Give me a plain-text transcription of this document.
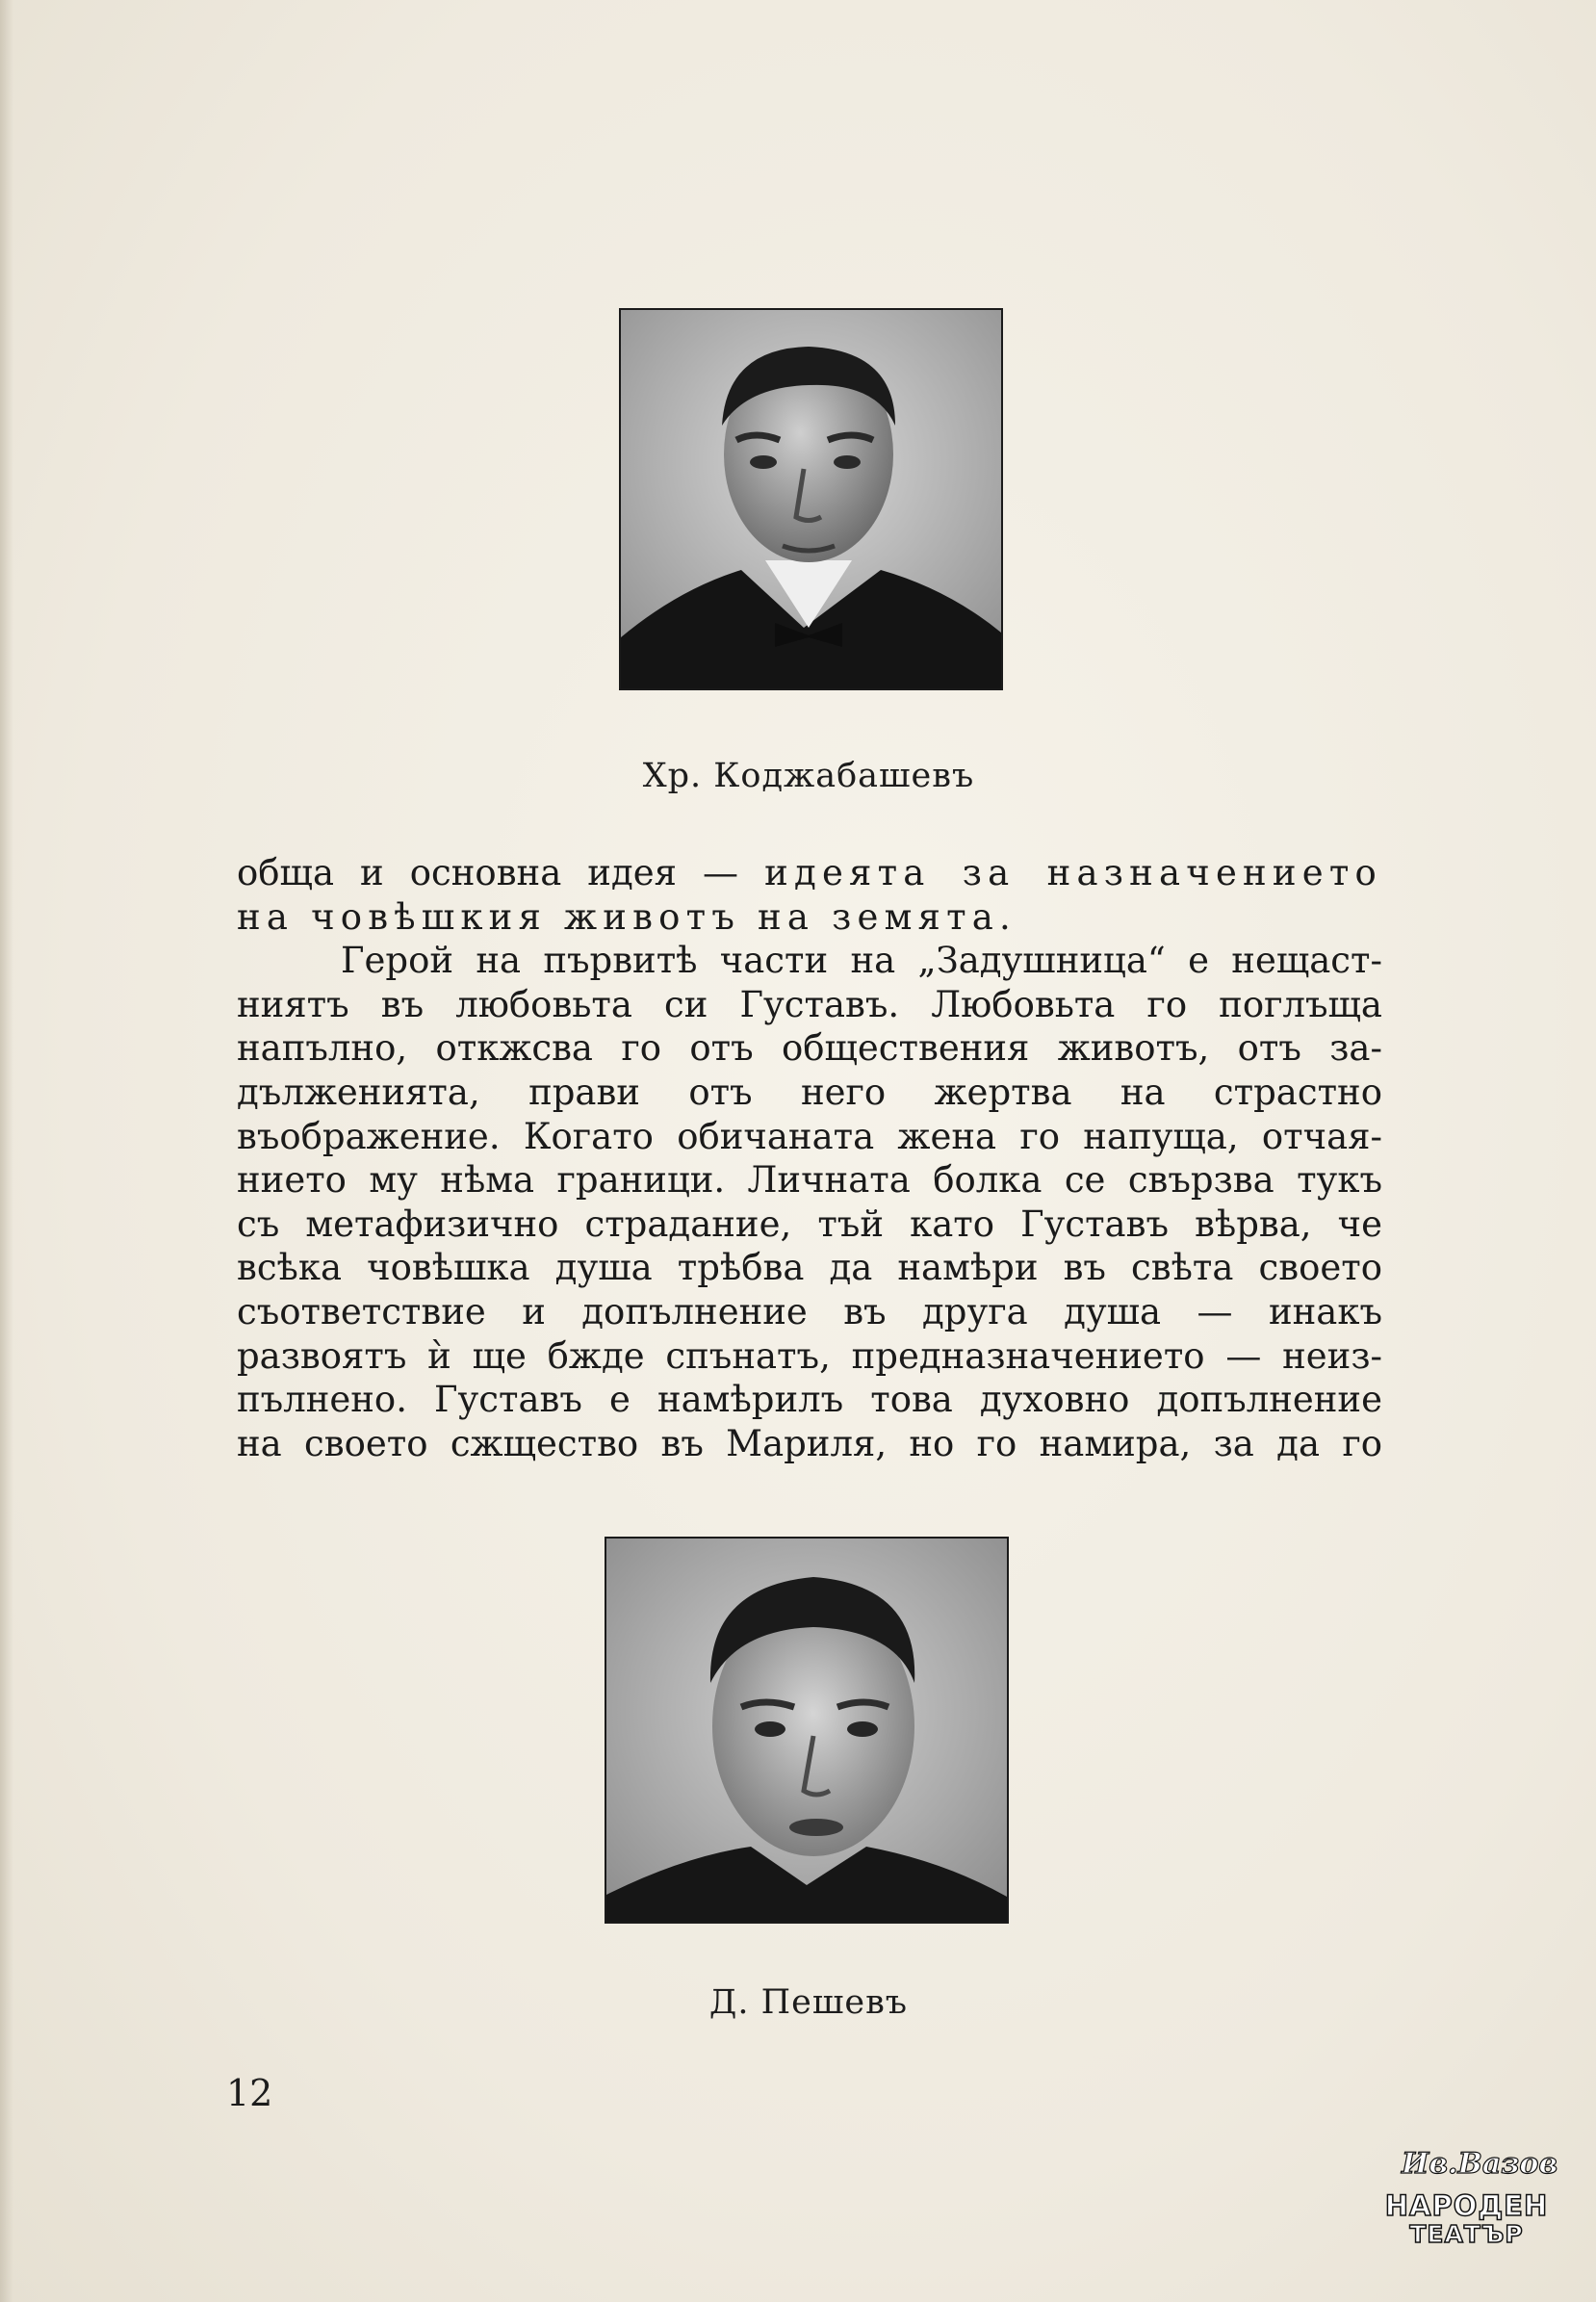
Хр. Коджабашевъ
обща и основна идея — идеята за назначението
на човѣшкия животъ на земята.
Герой на първитѣ части на „Задушница“ е нещаст-
ниятъ въ любовьта си Густавъ. Любовьта го поглъща
напълно, откжсва го отъ обществения животъ, отъ за-
дълженията, прави отъ него жертва на страстно
въображение. Когато обичаната жена го напуща, отчая-
нието му нѣма граници. Личната болка се свързва тукъ
съ метафизично страдание, тъй като Густавъ вѣрва, че
всѣка човѣшка душа трѣбва да намѣри въ свѣта своето
съответствие и допълнение въ друга душа — инакъ
развоятъ ѝ ще бжде спънатъ, предназначението — неиз-
пълнено. Густавъ е намѣрилъ това духовно допълнение
на своето сжщество въ Мариля, но го намира, за да го
Д. Пешевъ
12
Ив.Вазов
НАРОДЕН
ТЕАТЪР
